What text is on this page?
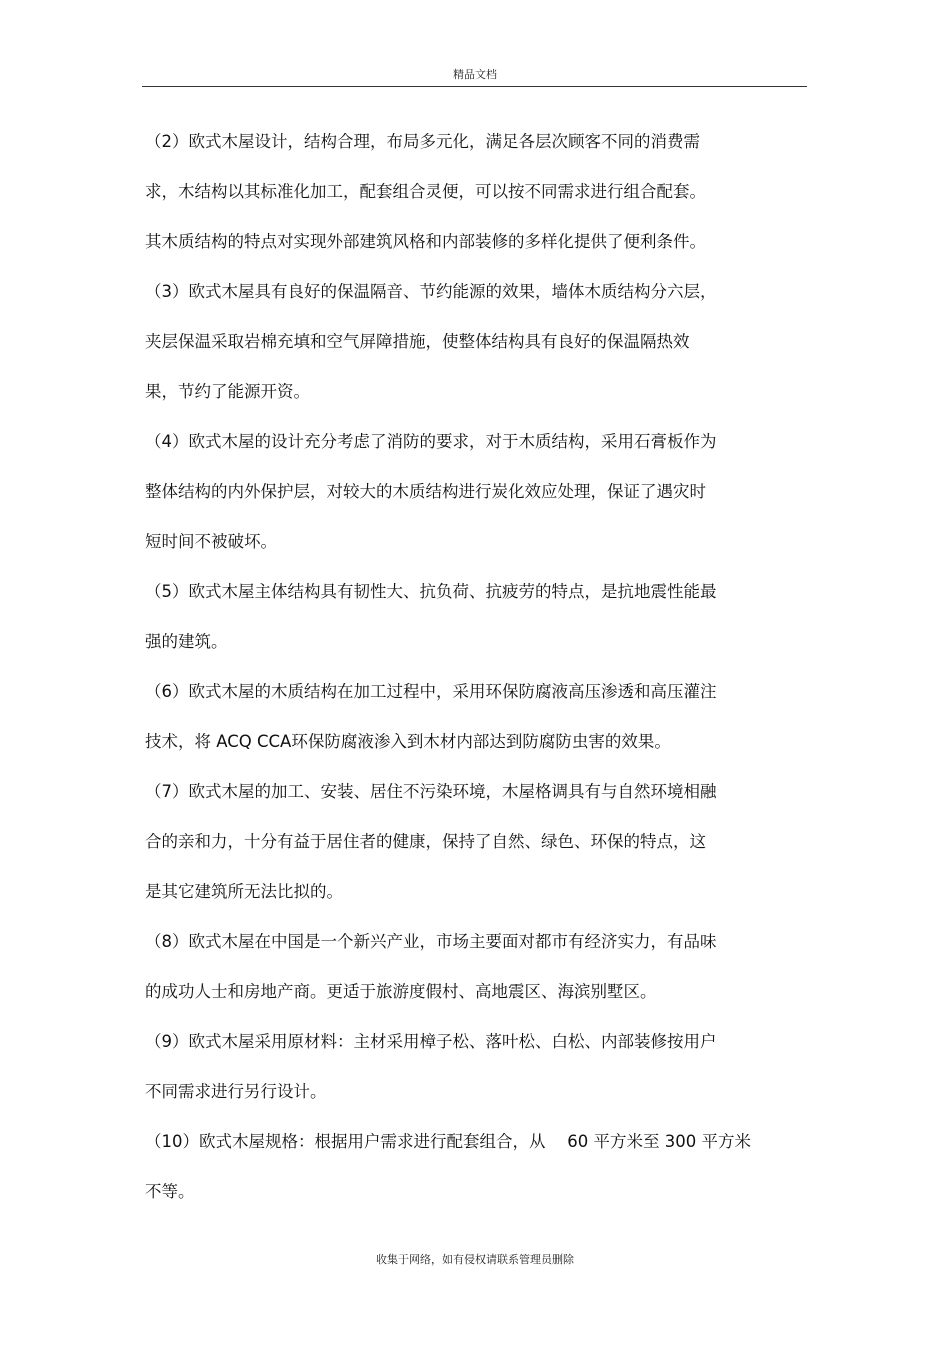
精品文档
（2）欧式木屋设计，结构合理，布局多元化，满足各层次顾客不同的消费需
求，木结构以其标准化加工，配套组合灵便，可以按不同需求进行组合配套。
其木质结构的特点对实现外部建筑风格和内部装修的多样化提供了便利条件。
（3）欧式木屋具有良好的保温隔音、节约能源的效果，墙体木质结构分六层，
夹层保温采取岩棉充填和空气屏障措施，使整体结构具有良好的保温隔热效
果，节约了能源开资。
（4）欧式木屋的设计充分考虑了消防的要求，对于木质结构，采用石膏板作为
整体结构的内外保护层，对较大的木质结构进行炭化效应处理，保证了遇灾时
短时间不被破坏。
（5）欧式木屋主体结构具有韧性大、抗负荷、抗疲劳的特点，是抗地震性能最
强的建筑。
（6）欧式木屋的木质结构在加工过程中，采用环保防腐液高压渗透和高压灌注
技术，将 ACQ CCA环保防腐液渗入到木材内部达到防腐防虫害的效果。
（7）欧式木屋的加工、安装、居住不污染环境，木屋格调具有与自然环境相融
合的亲和力，十分有益于居住者的健康，保持了自然、绿色、环保的特点，这
是其它建筑所无法比拟的。
（8）欧式木屋在中国是一个新兴产业，市场主要面对都市有经济实力，有品味
的成功人士和房地产商。更适于旅游度假村、高地震区、海滨别墅区。
（9）欧式木屋采用原材料：主材采用樟子松、落叶松、白松、内部装修按用户
不同需求进行另行设计。
（10）欧式木屋规格：根据用户需求进行配套组合，从　 60 平方米至 300 平方米
不等。
收集于网络，如有侵权请联系管理员删除
